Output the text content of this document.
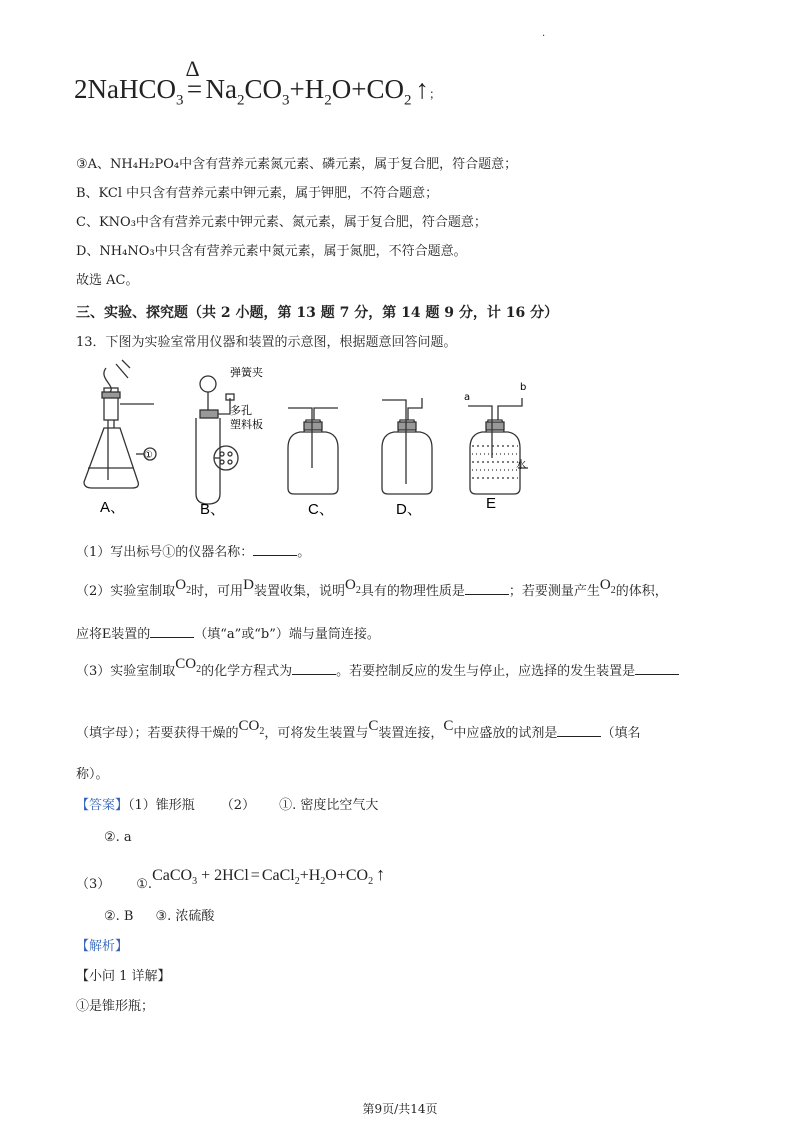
.
2NaHCO$_3$
Δ
= $Na_2CO_3+H_2O+CO_2$ ↑；
③A、NH₄H₂PO₄中含有营养元素氮元素、磷元素，属于复合肥，符合题意；
B、KCl 中只含有营养元素中钾元素，属于钾肥，不符合题意；
C、KNO₃中含有营养元素中钾元素、氮元素，属于复合肥，符合题意；
D、NH₄NO₃中只含有营养元素中氮元素，属于氮肥，不符合题意。
故选 AC。
三、实验、探究题（共 2 小题，第 13 题 7 分，第 14 题 9 分，计 16 分）
13．下图为实验室常用仪器和装置的示意图，根据题意回答问题。
①
弹簧夹
多孔
塑料板
a
b
水
A、	B、	C、	D、	E
（1）写出标号①的仪器名称：	。
（2）实验室制取$O_2$时，可用D装置收集，说明$O_2$具有的物理性质是	；若要测量产生$O_2$的体积，
应将E装置的	（填“a”或“b”）端与量筒连接。
（3）实验室制取$CO_2$的化学方程式为	。若要控制反应的发生与停止，应选择的发生装置是
（填字母）；若要获得干燥的$CO_2$，可将发生装置与C装置连接，C中应盛放的试剂是	（填名
称）。
【答案】（1）锥形瓶 （2） ①. 密度比空气大
②. a
（3） ①.CaCO$_3$ + $2HCl = CaCl_2+H_2O+CO_2$ ↑
②. B ③. 浓硫酸
【解析】
【小问 1 详解】
①是锥形瓶；
第9页/共14页
